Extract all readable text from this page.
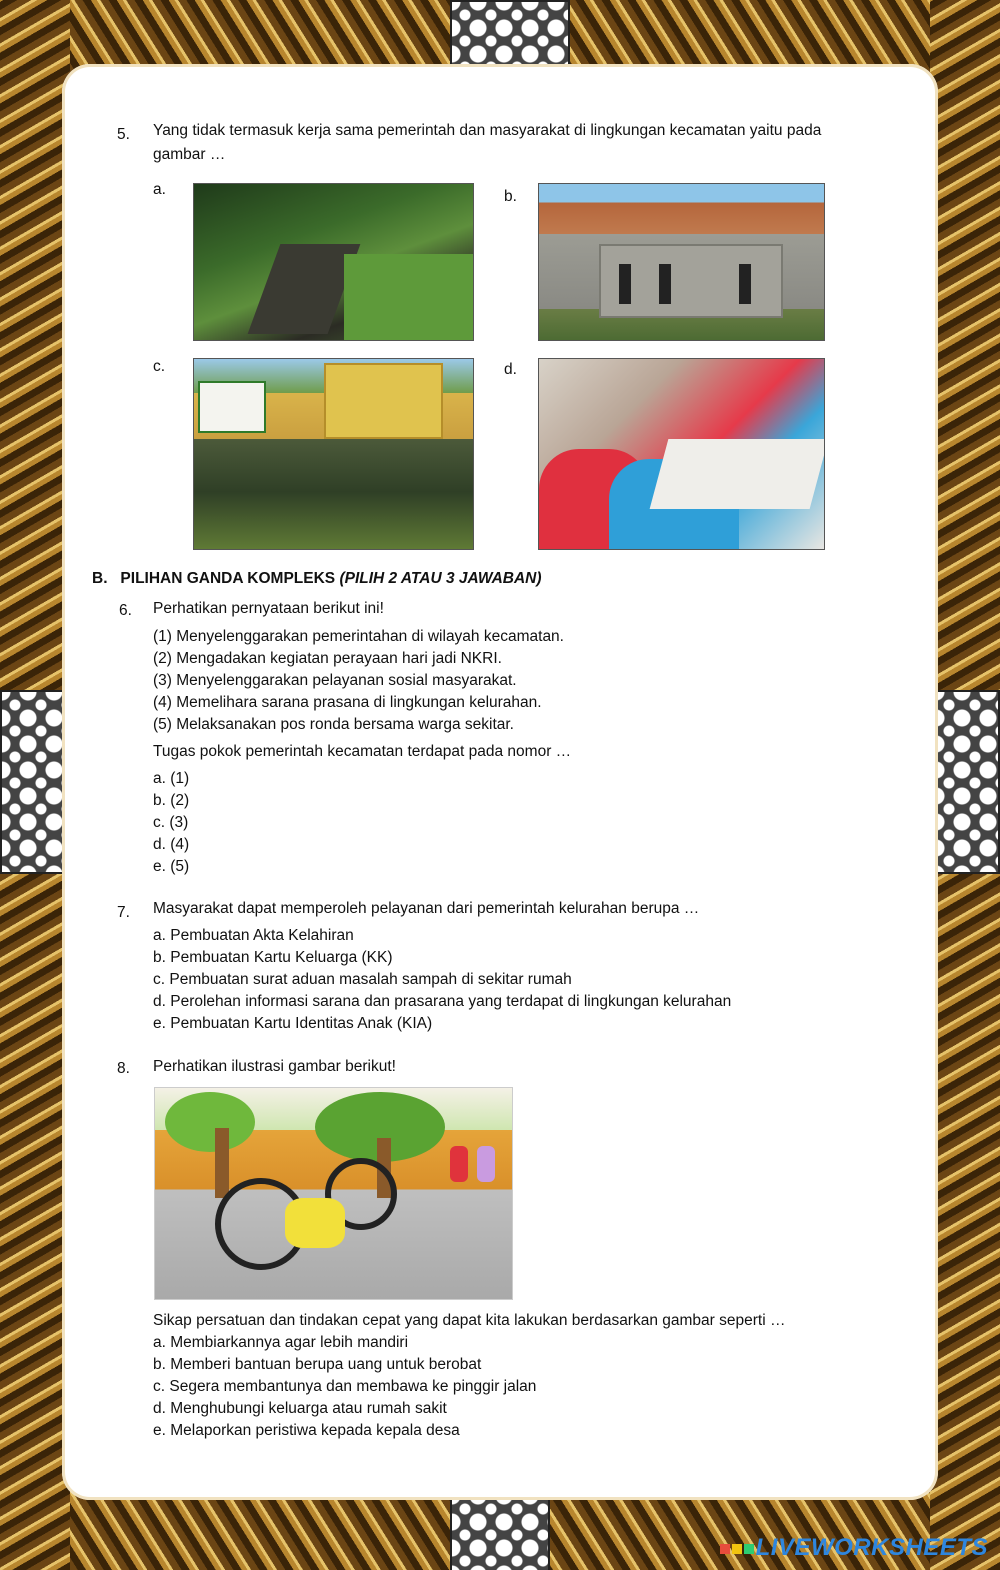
5. Yang tidak termasuk kerja sama pemerintah dan masyarakat di lingkungan kecamatan yaitu pada
gambar …
a.	b.
c.	d.
B. PILIHAN GANDA KOMPLEKS (PILIH 2 ATAU 3 JAWABAN)
6. Perhatikan pernyataan berikut ini!
(1) Menyelenggarakan pemerintahan di wilayah kecamatan.
(2) Mengadakan kegiatan perayaan hari jadi NKRI.
(3) Menyelenggarakan pelayanan sosial masyarakat.
(4) Memelihara sarana prasana di lingkungan kelurahan.
(5) Melaksanakan pos ronda bersama warga sekitar.
Tugas pokok pemerintah kecamatan terdapat pada nomor …
a. (1)
b. (2)
c. (3)
d. (4)
e. (5)
7. Masyarakat dapat memperoleh pelayanan dari pemerintah kelurahan berupa …
a. Pembuatan Akta Kelahiran
b. Pembuatan Kartu Keluarga (KK)
c. Pembuatan surat aduan masalah sampah di sekitar rumah
d. Perolehan informasi sarana dan prasarana yang terdapat di lingkungan kelurahan
e. Pembuatan Kartu Identitas Anak (KIA)
8. Perhatikan ilustrasi gambar berikut!
Sikap persatuan dan tindakan cepat yang dapat kita lakukan berdasarkan gambar seperti …
a. Membiarkannya agar lebih mandiri
b. Memberi bantuan berupa uang untuk berobat
c. Segera membantunya dan membawa ke pinggir jalan
d. Menghubungi keluarga atau rumah sakit
e. Melaporkan peristiwa kepada kepala desa
LIVEWORKSHEETS
